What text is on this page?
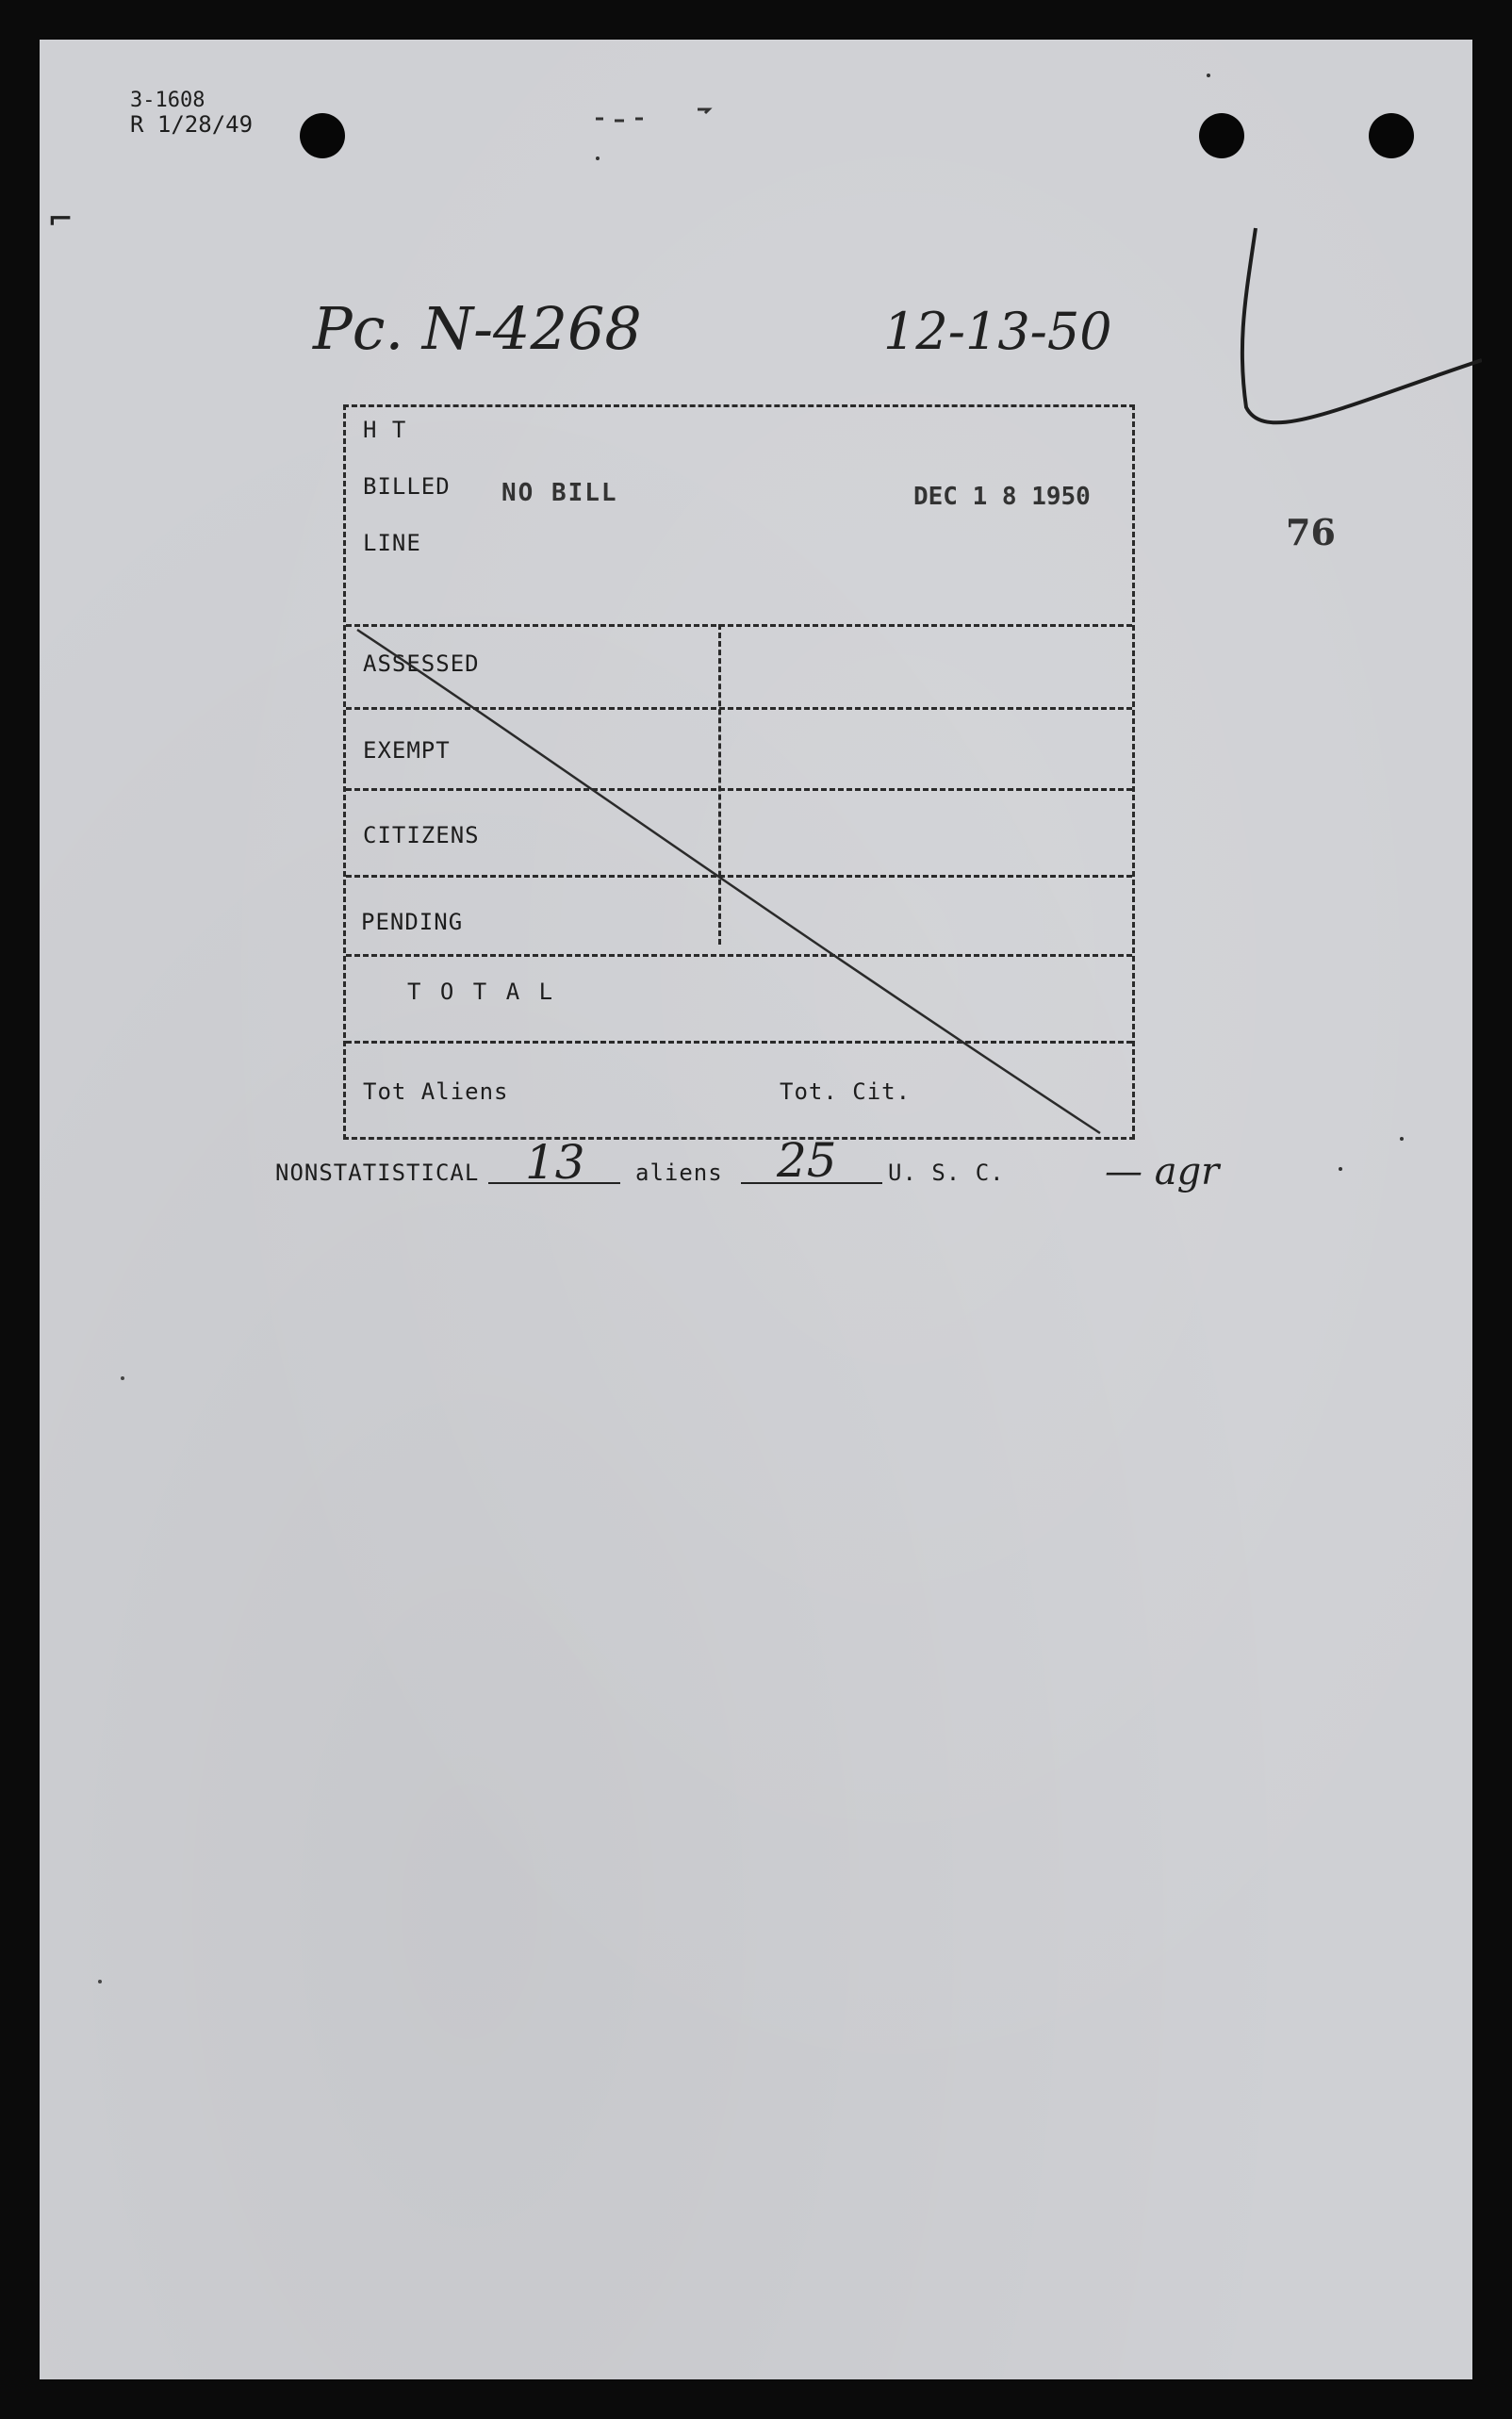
3-1608
R 1/28/49
⌐
Pc. N-4268	12-13-50
76
H T
BILLED
LINE
NO BILL	DEC 1 8 1950
ASSESSED
EXEMPT
CITIZENS
PENDING
T O T A L
Tot Aliens	Tot. Cit.
NONSTATISTICAL 13 aliens 25 U. S. C.	— agr
